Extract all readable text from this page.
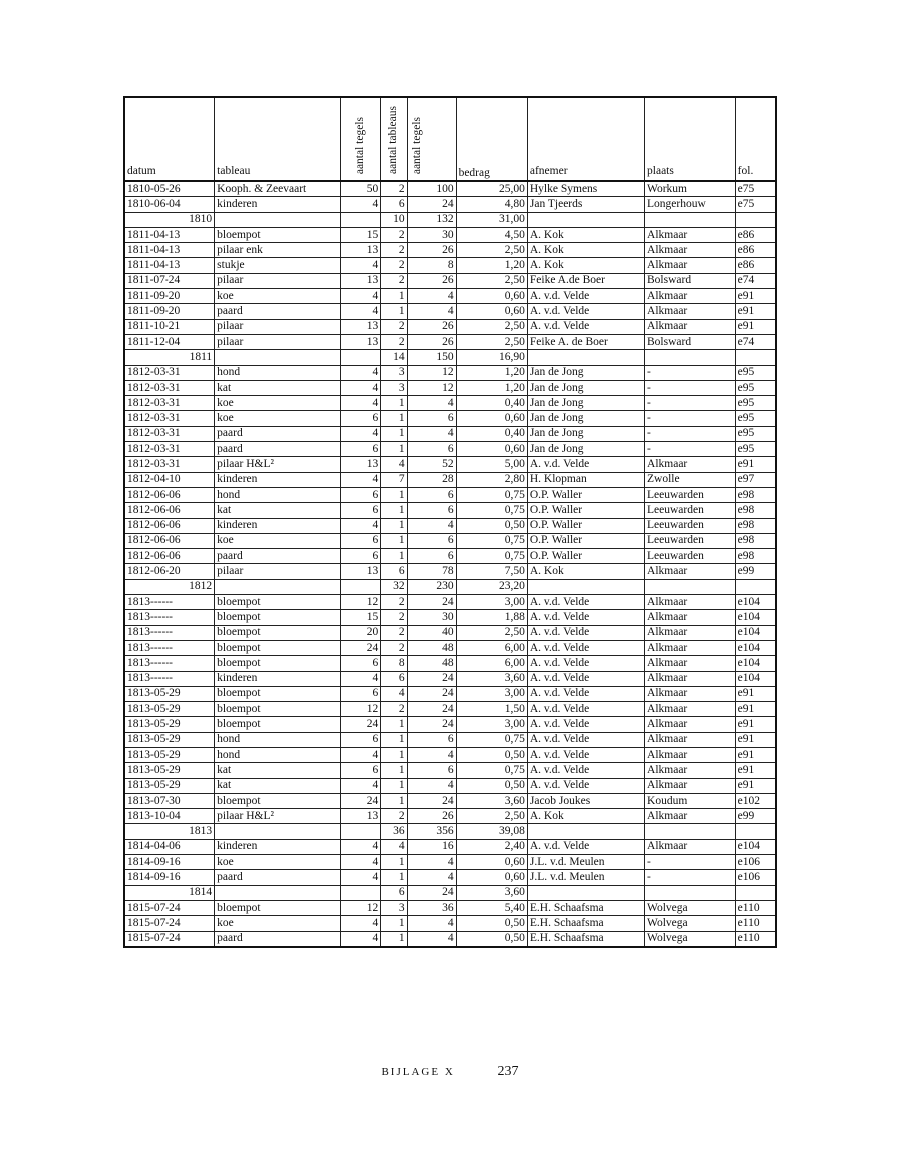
datum	tableau	aantal tegels	aantal tableaus	aantal tegels	bedrag	afnemer	plaats	fol.
1810-05-26	Kooph. & Zeevaart	50	2	100	25,00	Hylke Symens	Workum	e75
1810-06-04	kinderen	4	6	24	4,80	Jan Tjeerds	Longerhouw	e75
1810			10	132	31,00			
1811-04-13	bloempot	15	2	30	4,50	A. Kok	Alkmaar	e86
1811-04-13	pilaar enk	13	2	26	2,50	A. Kok	Alkmaar	e86
1811-04-13	stukje	4	2	8	1,20	A. Kok	Alkmaar	e86
1811-07-24	pilaar	13	2	26	2,50	Feike A.de Boer	Bolsward	e74
1811-09-20	koe	4	1	4	0,60	A. v.d. Velde	Alkmaar	e91
1811-09-20	paard	4	1	4	0,60	A. v.d. Velde	Alkmaar	e91
1811-10-21	pilaar	13	2	26	2,50	A. v.d. Velde	Alkmaar	e91
1811-12-04	pilaar	13	2	26	2,50	Feike A. de Boer	Bolsward	e74
1811			14	150	16,90			
1812-03-31	hond	4	3	12	1,20	Jan de Jong	-	e95
1812-03-31	kat	4	3	12	1,20	Jan de Jong	-	e95
1812-03-31	koe	4	1	4	0,40	Jan de Jong	-	e95
1812-03-31	koe	6	1	6	0,60	Jan de Jong	-	e95
1812-03-31	paard	4	1	4	0,40	Jan de Jong	-	e95
1812-03-31	paard	6	1	6	0,60	Jan de Jong	-	e95
1812-03-31	pilaar H&L²	13	4	52	5,00	A. v.d. Velde	Alkmaar	e91
1812-04-10	kinderen	4	7	28	2,80	H. Klopman	Zwolle	e97
1812-06-06	hond	6	1	6	0,75	O.P. Waller	Leeuwarden	e98
1812-06-06	kat	6	1	6	0,75	O.P. Waller	Leeuwarden	e98
1812-06-06	kinderen	4	1	4	0,50	O.P. Waller	Leeuwarden	e98
1812-06-06	koe	6	1	6	0,75	O.P. Waller	Leeuwarden	e98
1812-06-06	paard	6	1	6	0,75	O.P. Waller	Leeuwarden	e98
1812-06-20	pilaar	13	6	78	7,50	A. Kok	Alkmaar	e99
1812			32	230	23,20			
1813------	bloempot	12	2	24	3,00	A. v.d. Velde	Alkmaar	e104
1813------	bloempot	15	2	30	1,88	A. v.d. Velde	Alkmaar	e104
1813------	bloempot	20	2	40	2,50	A. v.d. Velde	Alkmaar	e104
1813------	bloempot	24	2	48	6,00	A. v.d. Velde	Alkmaar	e104
1813------	bloempot	6	8	48	6,00	A. v.d. Velde	Alkmaar	e104
1813------	kinderen	4	6	24	3,60	A. v.d. Velde	Alkmaar	e104
1813-05-29	bloempot	6	4	24	3,00	A. v.d. Velde	Alkmaar	e91
1813-05-29	bloempot	12	2	24	1,50	A. v.d. Velde	Alkmaar	e91
1813-05-29	bloempot	24	1	24	3,00	A. v.d. Velde	Alkmaar	e91
1813-05-29	hond	6	1	6	0,75	A. v.d. Velde	Alkmaar	e91
1813-05-29	hond	4	1	4	0,50	A. v.d. Velde	Alkmaar	e91
1813-05-29	kat	6	1	6	0,75	A. v.d. Velde	Alkmaar	e91
1813-05-29	kat	4	1	4	0,50	A. v.d. Velde	Alkmaar	e91
1813-07-30	bloempot	24	1	24	3,60	Jacob Joukes	Koudum	e102
1813-10-04	pilaar H&L²	13	2	26	2,50	A. Kok	Alkmaar	e99
1813			36	356	39,08			
1814-04-06	kinderen	4	4	16	2,40	A. v.d. Velde	Alkmaar	e104
1814-09-16	koe	4	1	4	0,60	J.L. v.d. Meulen	-	e106
1814-09-16	paard	4	1	4	0,60	J.L. v.d. Meulen	-	e106
1814			6	24	3,60			
1815-07-24	bloempot	12	3	36	5,40	E.H. Schaafsma	Wolvega	e110
1815-07-24	koe	4	1	4	0,50	E.H. Schaafsma	Wolvega	e110
1815-07-24	paard	4	1	4	0,50	E.H. Schaafsma	Wolvega	e110
BIJLAGE X	237
